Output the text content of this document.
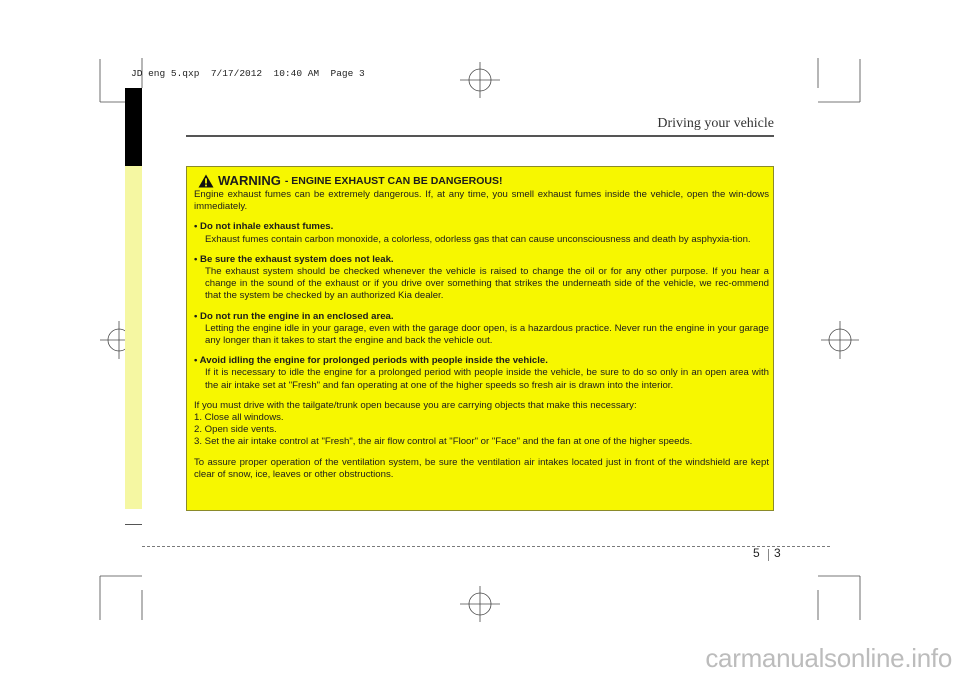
JD eng 5.qxp  7/17/2012  10:40 AM  Page 3
Driving your vehicle
WARNING - ENGINE EXHAUST CAN BE DANGEROUS!

Engine exhaust fumes can be extremely dangerous. If, at any time, you smell exhaust fumes inside the vehicle, open the win-dows immediately.

• Do not inhale exhaust fumes.

Exhaust fumes contain carbon monoxide, a colorless, odorless gas that can cause unconsciousness and death by asphyxia-tion.

• Be sure the exhaust system does not leak.

The exhaust system should be checked whenever the vehicle is raised to change the oil or for any other purpose. If you hear a change in the sound of the exhaust or if you drive over something that strikes the underneath side of the vehicle, we rec-ommend that the system be checked by an authorized Kia dealer.

• Do not run the engine in an enclosed area.

Letting the engine idle in your garage, even with the garage door open, is a hazardous practice. Never run the engine in your garage any longer than it takes to start the engine and back the vehicle out.

• Avoid idling the engine for prolonged periods with people inside the vehicle.

If it is necessary to idle the engine for a prolonged period with people inside the vehicle, be sure to do so only in an open area with the air intake set at "Fresh" and fan operating at one of the higher speeds so fresh air is drawn into the interior.

If you must drive with the tailgate/trunk open because you are carrying objects that make this necessary:

1. Close all windows.

2. Open side vents.

3. Set the air intake control at "Fresh", the air flow control at "Floor" or "Face" and the fan at one of the higher speeds.

To assure proper operation of the ventilation system, be sure the ventilation air intakes located just in front of the windshield are kept clear of snow, ice, leaves or other obstructions.

5 3
carmanualsonline.info
